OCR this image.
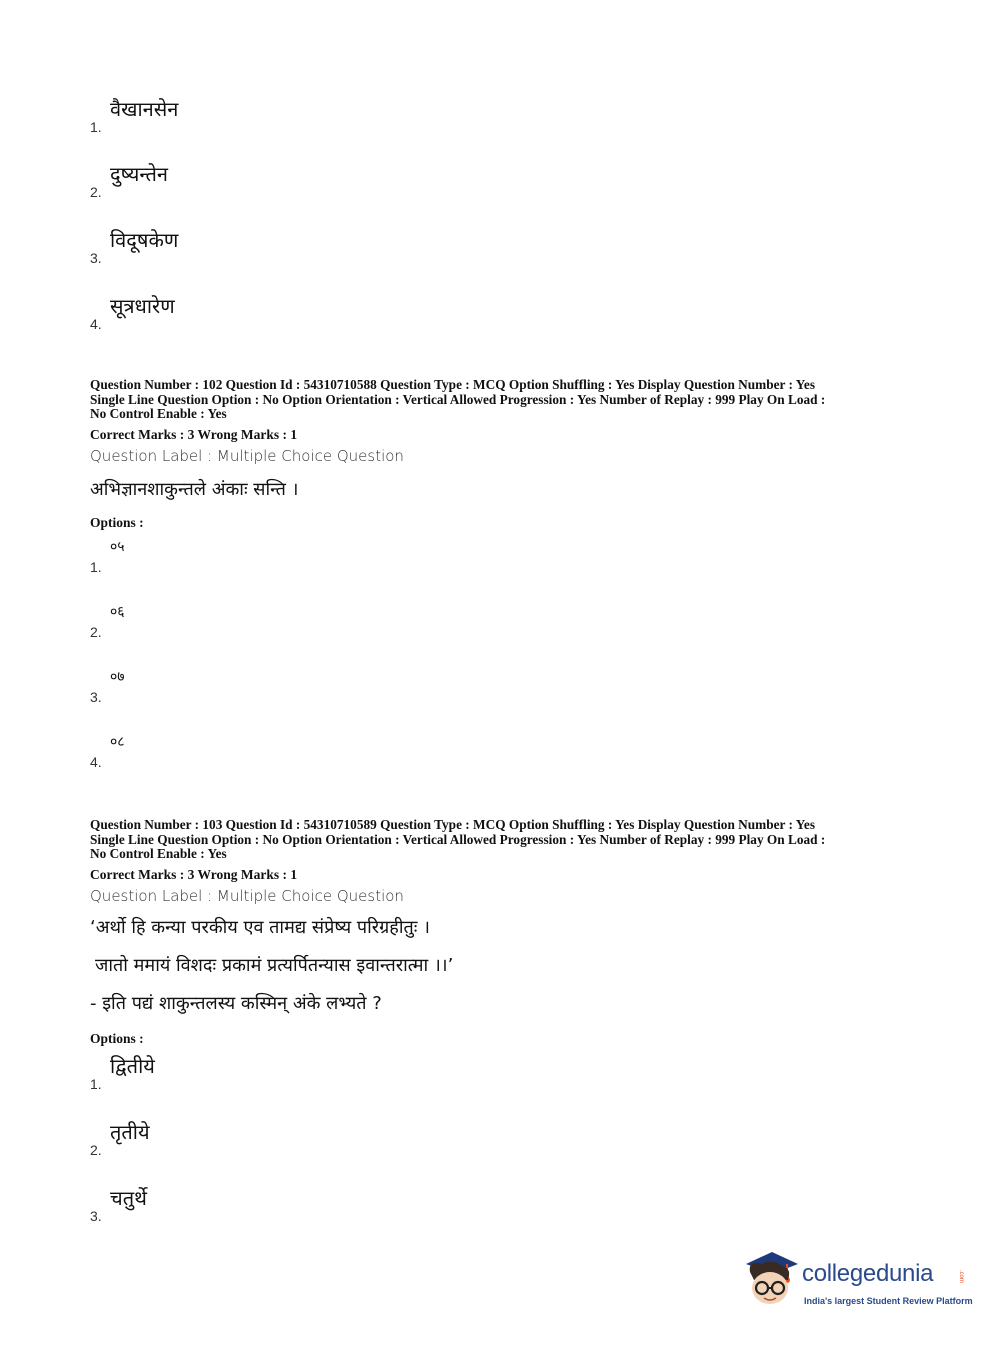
1.
वैखानसेन
2.
दुष्यन्तेन
3.
विदूषकेण
4.
सूत्रधारेण
Question Number : 102 Question Id : 54310710588 Question Type : MCQ Option Shuffling : Yes Display Question Number : Yes
Single Line Question Option : No Option Orientation : Vertical Allowed Progression : Yes Number of Replay : 999 Play On Load :
No Control Enable : Yes
Correct Marks : 3 Wrong Marks : 1
Question Label : Multiple Choice Question
अभिज्ञानशाकुन्तले अंकाः सन्ति ।
Options :
1.
०५
2.
०६
3.
०७
4.
०८
Question Number : 103 Question Id : 54310710589 Question Type : MCQ Option Shuffling : Yes Display Question Number : Yes
Single Line Question Option : No Option Orientation : Vertical Allowed Progression : Yes Number of Replay : 999 Play On Load :
No Control Enable : Yes
Correct Marks : 3 Wrong Marks : 1
Question Label : Multiple Choice Question
‘अर्थो हि कन्या परकीय एव तामद्य संप्रेष्य परिग्रहीतुः ।
जातो ममायं विशदः प्रकामं प्रत्यर्पितन्यास इवान्तरात्मा ।।’
- इति पद्यं शाकुन्तलस्य कस्मिन् अंके लभ्यते ?
Options :
1.
द्वितीये
2.
तृतीये
3.
चतुर्थे
collegedunia	.com
India's largest Student Review Platform
